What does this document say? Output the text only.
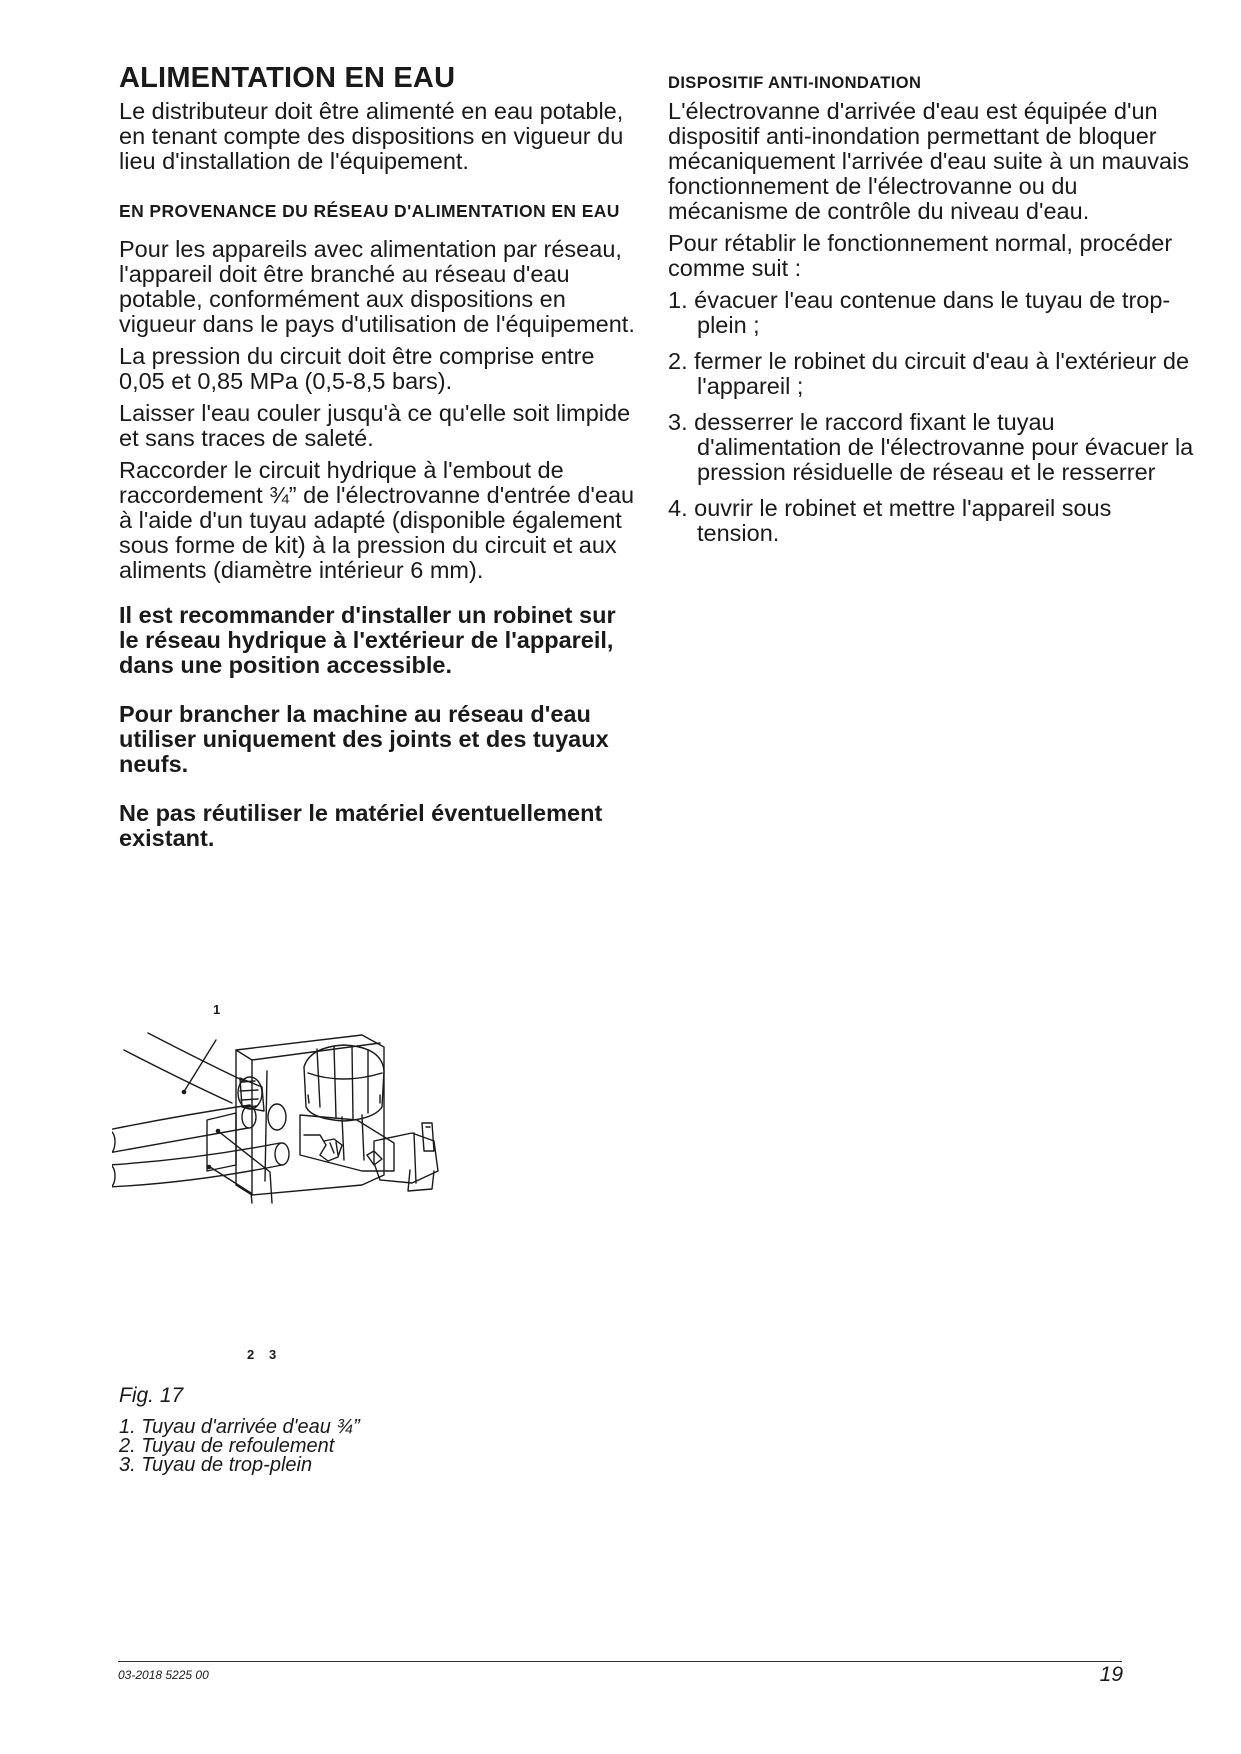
ALIMENTATION EN EAU

Le distributeur doit être alimenté en eau potable, en tenant compte des dispositions en vigueur du lieu d'installation de l'équipement.

EN PROVENANCE DU RÉSEAU D'ALIMENTATION EN EAU

Pour les appareils avec alimentation par réseau, l'appareil doit être branché au réseau d'eau potable, conformément aux dispositions en vigueur dans le pays d'utilisation de l'équipement.

La pression du circuit doit être comprise entre 0,05 et 0,85 MPa (0,5-8,5 bars).

Laisser l'eau couler jusqu'à ce qu'elle soit limpide et sans traces de saleté.

Raccorder le circuit hydrique à l'embout de raccordement ¾” de l'électrovanne d'entrée d'eau à l'aide d'un tuyau adapté (disponible également sous forme de kit) à la pression du circuit et aux aliments (diamètre intérieur 6 mm).

Il est recommander d'installer un robinet sur le réseau hydrique à l'extérieur de l'appareil, dans une position accessible.

Pour brancher la machine au réseau d'eau utiliser uniquement des joints et des tuyaux neufs.

Ne pas réutiliser le matériel éventuellement existant.

DISPOSITIF ANTI-INONDATION

L'électrovanne d'arrivée d'eau est équipée d'un dispositif anti-inondation permettant de bloquer mécaniquement l'arrivée d'eau suite à un mauvais fonctionnement de l'électrovanne ou du mécanisme de contrôle du niveau d'eau.

Pour rétablir le fonctionnement normal, procéder comme suit :

1. évacuer l'eau contenue dans le tuyau de trop-plein ;
2. fermer le robinet du circuit d'eau à l'extérieur de l'appareil ;
3. desserrer le raccord fixant le tuyau d'alimentation de l'électrovanne pour évacuer la pression résiduelle de réseau et le resserrer
4. ouvrir le robinet et mettre l'appareil sous tension.
1
2 3
Fig. 17
1. Tuyau d'arrivée d'eau ¾”
2. Tuyau de refoulement
3. Tuyau de trop-plein
03-2018 5225 00	19
